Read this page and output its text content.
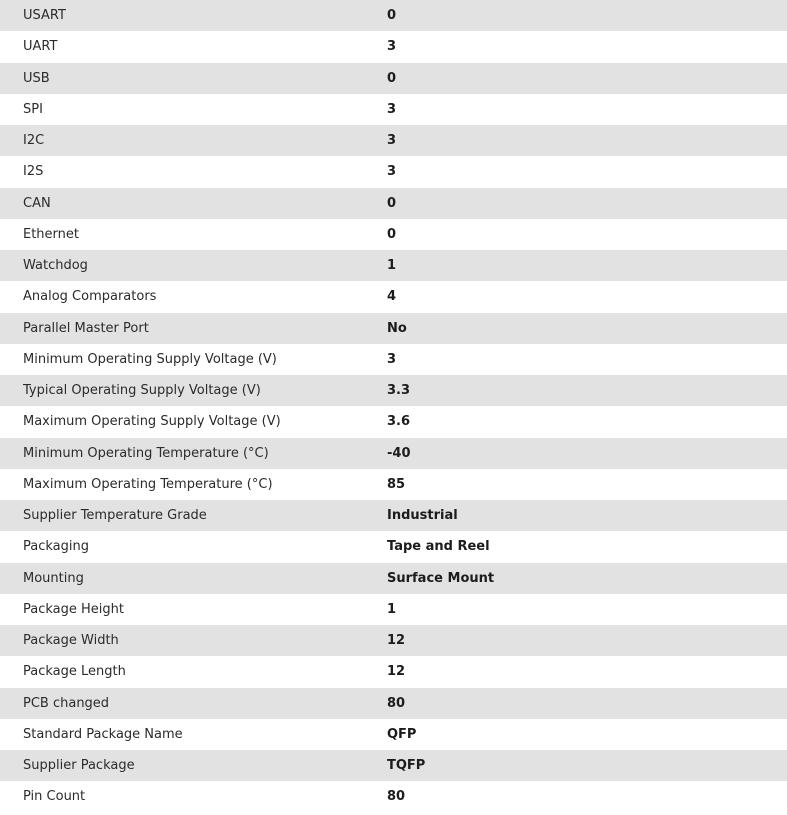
USART	0
UART	3
USB	0
SPI	3
I2C	3
I2S	3
CAN	0
Ethernet	0
Watchdog	1
Analog Comparators	4
Parallel Master Port	No
Minimum Operating Supply Voltage (V)	3
Typical Operating Supply Voltage (V)	3.3
Maximum Operating Supply Voltage (V)	3.6
Minimum Operating Temperature (°C)	-40
Maximum Operating Temperature (°C)	85
Supplier Temperature Grade	Industrial
Packaging	Tape and Reel
Mounting	Surface Mount
Package Height	1
Package Width	12
Package Length	12
PCB changed	80
Standard Package Name	QFP
Supplier Package	TQFP
Pin Count	80
